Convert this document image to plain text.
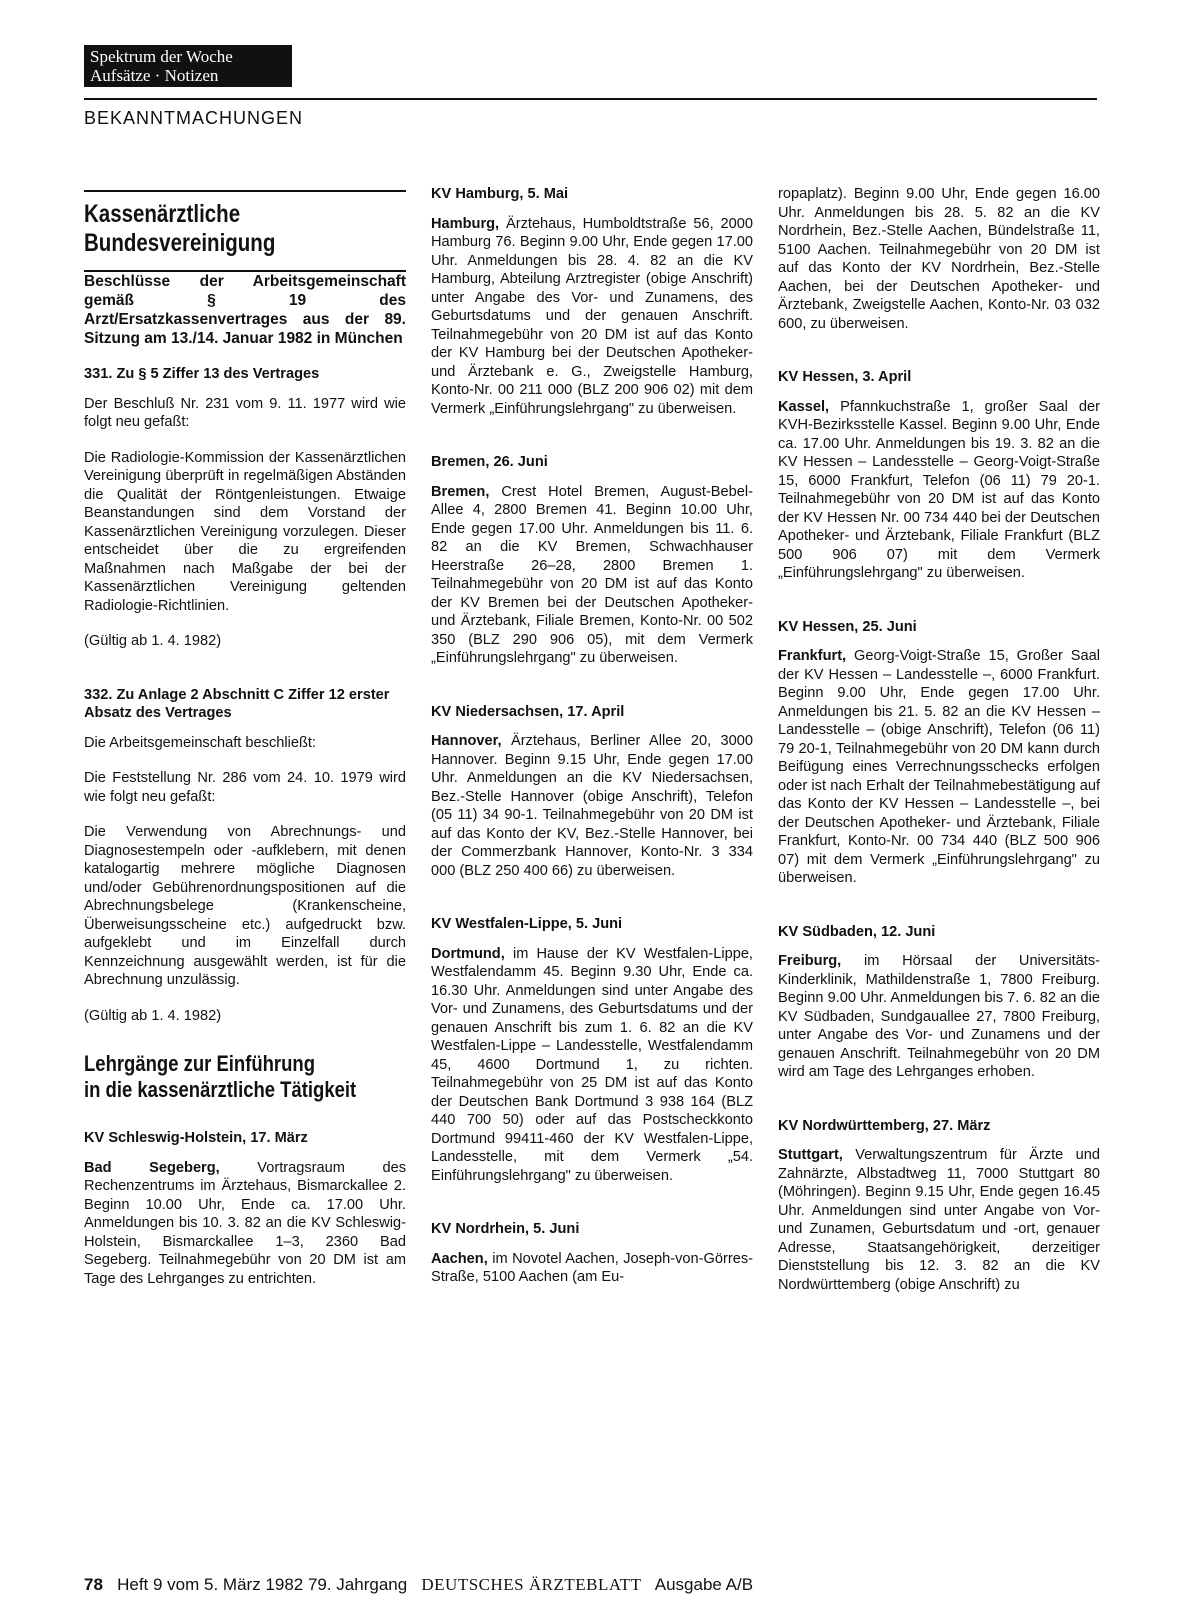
Spektrum der Woche
Aufsätze · Notizen
BEKANNTMACHUNGEN
Kassenärztliche
Bundesvereinigung

Beschlüsse der Arbeitsgemeinschaft gemäß § 19 des Arzt/Ersatzkassenvertrages aus der 89. Sitzung am 13./14. Januar 1982 in München

331. Zu § 5 Ziffer 13 des Vertrages

Der Beschluß Nr. 231 vom 9. 11. 1977 wird wie folgt neu gefaßt:

Die Radiologie-Kommission der Kassenärztlichen Vereinigung überprüft in regelmäßigen Abständen die Qualität der Röntgenleistungen. Etwaige Beanstandungen sind dem Vorstand der Kassenärztlichen Vereinigung vorzulegen. Dieser entscheidet über die zu ergreifenden Maßnahmen nach Maßgabe der bei der Kassenärztlichen Vereinigung geltenden Radiologie-Richtlinien.

(Gültig ab 1. 4. 1982)

332. Zu Anlage 2 Abschnitt C Ziffer 12 erster Absatz des Vertrages

Die Arbeitsgemeinschaft beschließt:

Die Feststellung Nr. 286 vom 24. 10. 1979 wird wie folgt neu gefaßt:

Die Verwendung von Abrechnungs- und Diagnosestempeln oder -aufklebern, mit denen katalogartig mehrere mögliche Diagnosen und/oder Gebührenordnungspositionen auf die Abrechnungsbelege (Krankenscheine, Überweisungsscheine etc.) aufgedruckt bzw. aufgeklebt und im Einzelfall durch Kennzeichnung ausgewählt werden, ist für die Abrechnung unzulässig.

(Gültig ab 1. 4. 1982)

Lehrgänge zur Einführung
in die kassenärztliche Tätigkeit
KV Schleswig-Holstein, 17. März

Bad Segeberg, Vortragsraum des Rechenzentrums im Ärztehaus, Bismarckallee 2. Beginn 10.00 Uhr, Ende ca. 17.00 Uhr. Anmeldungen bis 10. 3. 82 an die KV Schleswig-Holstein, Bismarckallee 1–3, 2360 Bad Segeberg. Teilnahmegebühr von 20 DM ist am Tage des Lehrganges zu entrichten.

KV Hamburg, 5. Mai

Hamburg, Ärztehaus, Humboldtstraße 56, 2000 Hamburg 76. Beginn 9.00 Uhr, Ende gegen 17.00 Uhr. Anmeldungen bis 28. 4. 82 an die KV Hamburg, Abteilung Arztregister (obige Anschrift) unter Angabe des Vor- und Zunamens, des Geburtsdatums und der genauen Anschrift. Teilnahmegebühr von 20 DM ist auf das Konto der KV Hamburg bei der Deutschen Apotheker- und Ärztebank e. G., Zweigstelle Hamburg, Konto-Nr. 00 211 000 (BLZ 200 906 02) mit dem Vermerk „Einführungslehrgang" zu überweisen.

Bremen, 26. Juni

Bremen, Crest Hotel Bremen, August-Bebel-Allee 4, 2800 Bremen 41. Beginn 10.00 Uhr, Ende gegen 17.00 Uhr. Anmeldungen bis 11. 6. 82 an die KV Bremen, Schwachhauser Heerstraße 26–28, 2800 Bremen 1. Teilnahmegebühr von 20 DM ist auf das Konto der KV Bremen bei der Deutschen Apotheker- und Ärztebank, Filiale Bremen, Konto-Nr. 00 502 350 (BLZ 290 906 05), mit dem Vermerk „Einführungslehrgang" zu überweisen.

KV Niedersachsen, 17. April

Hannover, Ärztehaus, Berliner Allee 20, 3000 Hannover. Beginn 9.15 Uhr, Ende gegen 17.00 Uhr. Anmeldungen an die KV Niedersachsen, Bez.-Stelle Hannover (obige Anschrift), Telefon (05 11) 34 90-1. Teilnahmegebühr von 20 DM ist auf das Konto der KV, Bez.-Stelle Hannover, bei der Commerzbank Hannover, Konto-Nr. 3 334 000 (BLZ 250 400 66) zu überweisen.

KV Westfalen-Lippe, 5. Juni

Dortmund, im Hause der KV Westfalen-Lippe, Westfalendamm 45. Beginn 9.30 Uhr, Ende ca. 16.30 Uhr. Anmeldungen sind unter Angabe des Vor- und Zunamens, des Geburtsdatums und der genauen Anschrift bis zum 1. 6. 82 an die KV Westfalen-Lippe – Landesstelle, Westfalendamm 45, 4600 Dortmund 1, zu richten. Teilnahmegebühr von 25 DM ist auf das Konto der Deutschen Bank Dortmund 3 938 164 (BLZ 440 700 50) oder auf das Postscheckkonto Dortmund 99411-460 der KV Westfalen-Lippe, Landesstelle, mit dem Vermerk „54. Einführungslehrgang" zu überweisen.

KV Nordrhein, 5. Juni

Aachen, im Novotel Aachen, Joseph-von-Görres-Straße, 5100 Aachen (am Eu-

ropaplatz). Beginn 9.00 Uhr, Ende gegen 16.00 Uhr. Anmeldungen bis 28. 5. 82 an die KV Nordrhein, Bez.-Stelle Aachen, Bündelstraße 11, 5100 Aachen. Teilnahmegebühr von 20 DM ist auf das Konto der KV Nordrhein, Bez.-Stelle Aachen, bei der Deutschen Apotheker- und Ärztebank, Zweigstelle Aachen, Konto-Nr. 03 032 600, zu überweisen.

KV Hessen, 3. April

Kassel, Pfannkuchstraße 1, großer Saal der KVH-Bezirksstelle Kassel. Beginn 9.00 Uhr, Ende ca. 17.00 Uhr. Anmeldungen bis 19. 3. 82 an die KV Hessen – Landesstelle – Georg-Voigt-Straße 15, 6000 Frankfurt, Telefon (06 11) 79 20-1. Teilnahmegebühr von 20 DM ist auf das Konto der KV Hessen Nr. 00 734 440 bei der Deutschen Apotheker- und Ärztebank, Filiale Frankfurt (BLZ 500 906 07) mit dem Vermerk „Einführungslehrgang" zu überweisen.

KV Hessen, 25. Juni

Frankfurt, Georg-Voigt-Straße 15, Großer Saal der KV Hessen – Landesstelle –, 6000 Frankfurt. Beginn 9.00 Uhr, Ende gegen 17.00 Uhr. Anmeldungen bis 21. 5. 82 an die KV Hessen – Landesstelle – (obige Anschrift), Telefon (06 11) 79 20-1, Teilnahmegebühr von 20 DM kann durch Beifügung eines Verrechnungsschecks erfolgen oder ist nach Erhalt der Teilnahmebestätigung auf das Konto der KV Hessen – Landesstelle –, bei der Deutschen Apotheker- und Ärztebank, Filiale Frankfurt, Konto-Nr. 00 734 440 (BLZ 500 906 07) mit dem Vermerk „Einführungslehrgang" zu überweisen.

KV Südbaden, 12. Juni

Freiburg, im Hörsaal der Universitäts-Kinderklinik, Mathildenstraße 1, 7800 Freiburg. Beginn 9.00 Uhr. Anmeldungen bis 7. 6. 82 an die KV Südbaden, Sundgauallee 27, 7800 Freiburg, unter Angabe des Vor- und Zunamens und der genauen Anschrift. Teilnahmegebühr von 20 DM wird am Tage des Lehrganges erhoben.

KV Nordwürttemberg, 27. März

Stuttgart, Verwaltungszentrum für Ärzte und Zahnärzte, Albstadtweg 11, 7000 Stuttgart 80 (Möhringen). Beginn 9.15 Uhr, Ende gegen 16.45 Uhr. Anmeldungen sind unter Angabe von Vor- und Zunamen, Geburtsdatum und -ort, genauer Adresse, Staatsangehörigkeit, derzeitiger Dienststellung bis 12. 3. 82 an die KV Nordwürttemberg (obige Anschrift) zu

78 Heft 9 vom 5. März 1982 79. Jahrgang DEUTSCHES ÄRZTEBLATT Ausgabe A/B
